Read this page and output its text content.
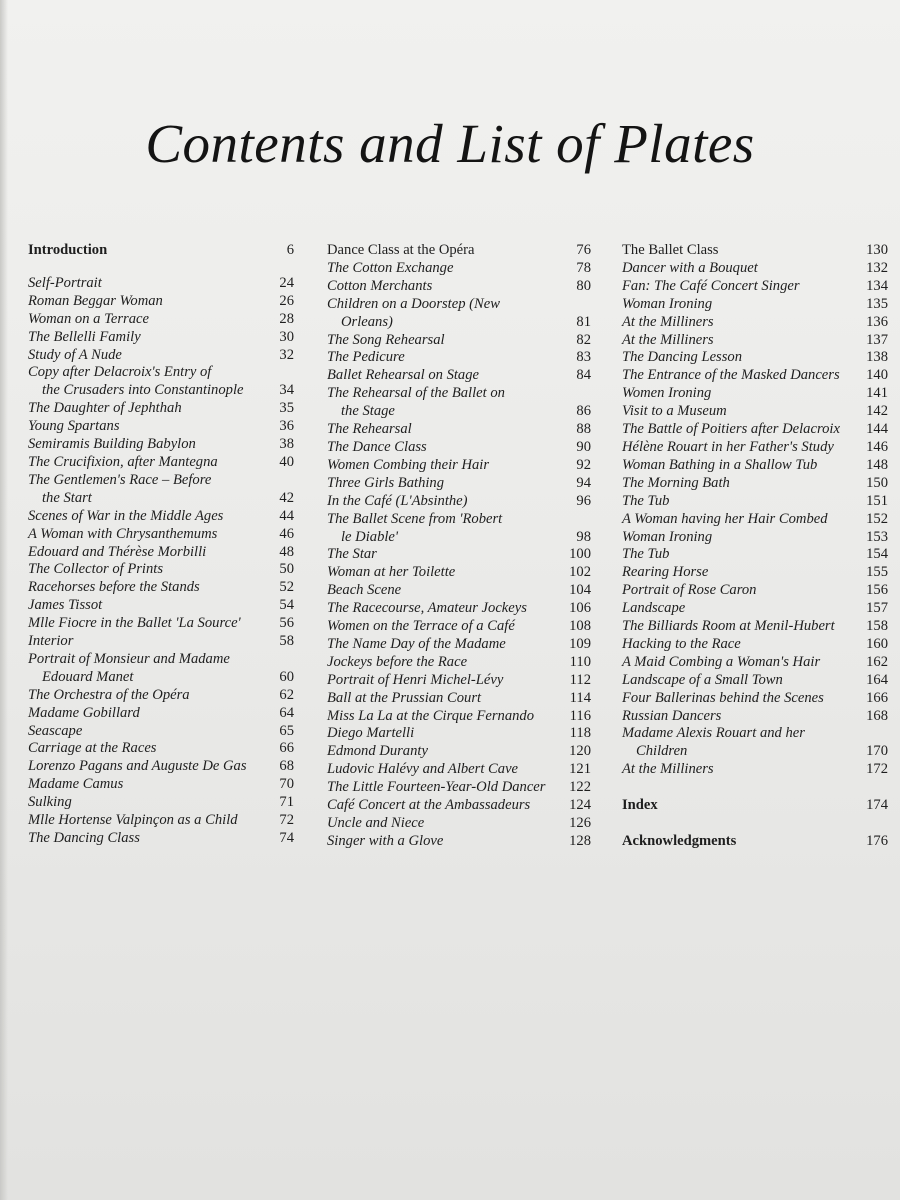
Contents and List of Plates
Introduction	6
Self-Portrait	24
Roman Beggar Woman	26
Woman on a Terrace	28
The Bellelli Family	30
Study of A Nude	32
Copy after Delacroix's Entry of
the Crusaders into Constantinople	34
The Daughter of Jephthah	35
Young Spartans	36
Semiramis Building Babylon	38
The Crucifixion, after Mantegna	40
The Gentlemen's Race – Before
the Start	42
Scenes of War in the Middle Ages	44
A Woman with Chrysanthemums	46
Edouard and Thérèse Morbilli	48
The Collector of Prints	50
Racehorses before the Stands	52
James Tissot	54
Mlle Fiocre in the Ballet 'La Source'	56
Interior	58
Portrait of Monsieur and Madame
Edouard Manet	60
The Orchestra of the Opéra	62
Madame Gobillard	64
Seascape	65
Carriage at the Races	66
Lorenzo Pagans and Auguste De Gas	68
Madame Camus	70
Sulking	71
Mlle Hortense Valpinçon as a Child	72
The Dancing Class	74
Dance Class at the Opéra	76
The Cotton Exchange	78
Cotton Merchants	80
Children on a Doorstep (New
Orleans)	81
The Song Rehearsal	82
The Pedicure	83
Ballet Rehearsal on Stage	84
The Rehearsal of the Ballet on
the Stage	86
The Rehearsal	88
The Dance Class	90
Women Combing their Hair	92
Three Girls Bathing	94
In the Café (L'Absinthe)	96
The Ballet Scene from 'Robert
le Diable'	98
The Star	100
Woman at her Toilette	102
Beach Scene	104
The Racecourse, Amateur Jockeys	106
Women on the Terrace of a Café	108
The Name Day of the Madame	109
Jockeys before the Race	110
Portrait of Henri Michel-Lévy	112
Ball at the Prussian Court	114
Miss La La at the Cirque Fernando	116
Diego Martelli	118
Edmond Duranty	120
Ludovic Halévy and Albert Cave	121
The Little Fourteen-Year-Old Dancer	122
Café Concert at the Ambassadeurs	124
Uncle and Niece	126
Singer with a Glove	128
The Ballet Class	130
Dancer with a Bouquet	132
Fan: The Café Concert Singer	134
Woman Ironing	135
At the Milliners	136
At the Milliners	137
The Dancing Lesson	138
The Entrance of the Masked Dancers	140
Women Ironing	141
Visit to a Museum	142
The Battle of Poitiers after Delacroix	144
Hélène Rouart in her Father's Study	146
Woman Bathing in a Shallow Tub	148
The Morning Bath	150
The Tub	151
A Woman having her Hair Combed	152
Woman Ironing	153
The Tub	154
Rearing Horse	155
Portrait of Rose Caron	156
Landscape	157
The Billiards Room at Menil-Hubert	158
Hacking to the Race	160
A Maid Combing a Woman's Hair	162
Landscape of a Small Town	164
Four Ballerinas behind the Scenes	166
Russian Dancers	168
Madame Alexis Rouart and her
Children	170
At the Milliners	172
Index	174
Acknowledgments	176
